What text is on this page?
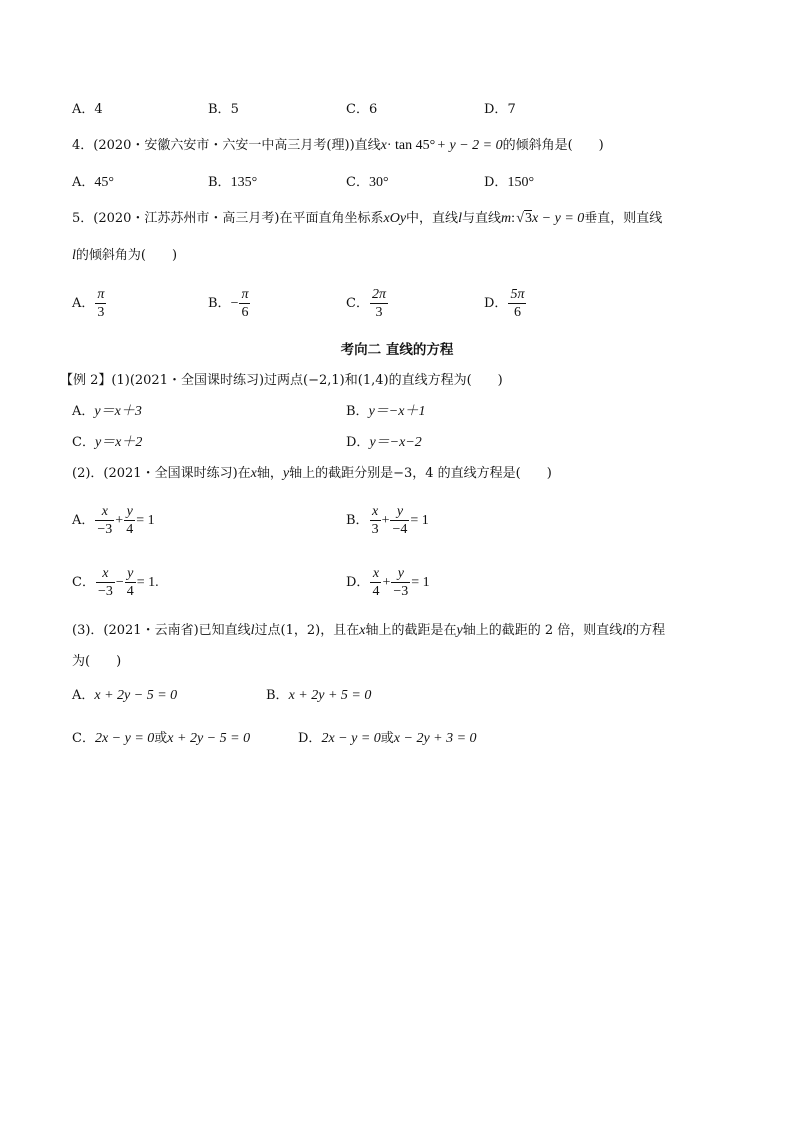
A．4	B．5	C．6	D．7
4．(2020・安徽六安市・六安一中高三月考(理))直线x· tan 45° + y − 2 = 0的倾斜角是(　　)
A．45°	B．135°	C．30°	D．150°
5．(2020・江苏苏州市・高三月考)在平面直角坐标系xOy中，直线l与直线m: √3x − y = 0垂直，则直线
l的倾斜角为(　　)
A． $\frac{\pi}{3}$	B．− $\frac{\pi}{6}$	C． $\frac{2\pi}{3}$	D． $\frac{5\pi}{6}$
考向二 直线的方程
【例 2】(1)(2021・全国课时练习)过两点(−2,1)和(1,4)的直线方程为(　　)
A．y＝x＋3	B．y＝−x＋1
C．y＝x＋2	D．y＝−x−2
(2)．(2021・全国课时练习)在x轴，y轴上的截距分别是−3，4 的直线方程是(　　)
A． $\frac{x}{-3} + \frac{y}{4} = 1$	B． $\frac{x}{3} + \frac{y}{-4} = 1$
C． $\frac{x}{-3} - \frac{y}{4} = 1$.	D． $\frac{x}{4} + \frac{y}{-3} = 1$
(3)．(2021・云南省)已知直线l过点(1，2)，且在x轴上的截距是在y轴上的截距的 2 倍，则直线l的方程
为(　　)
A．x + 2y − 5 = 0	B．x + 2y + 5 = 0
C．2x − y = 0或x + 2y − 5 = 0	D．2x − y = 0或x − 2y + 3 = 0
